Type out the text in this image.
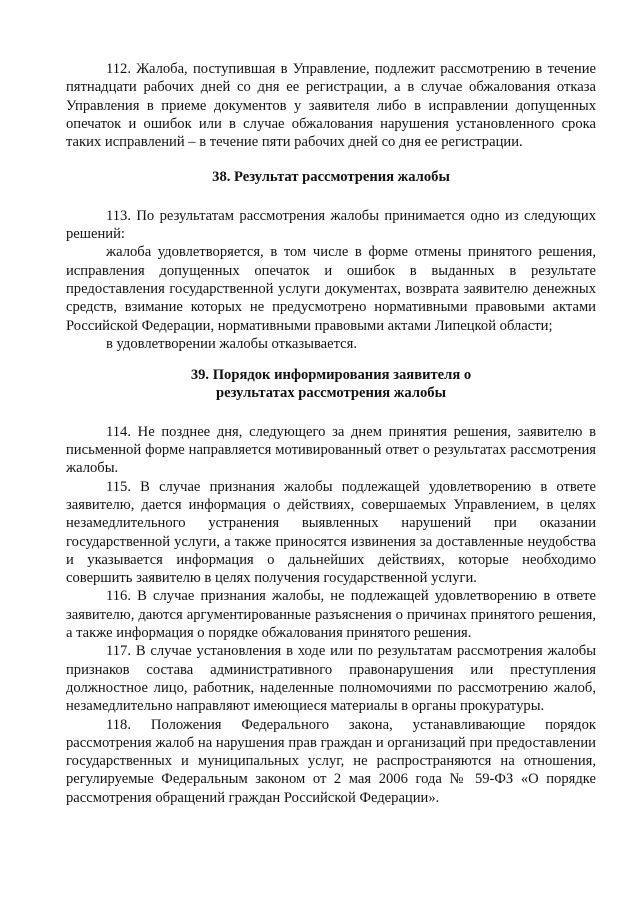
112. Жалоба, поступившая в Управление, подлежит рассмотрению в течение пятнадцати рабочих дней со дня ее регистрации, а в случае обжалования отказа Управления в приеме документов у заявителя либо в исправлении допущенных опечаток и ошибок или в случае обжалования нарушения установленного срока таких исправлений – в течение пяти рабочих дней со дня ее регистрации.

38. Результат рассмотрения жалобы

113. По результатам рассмотрения жалобы принимается одно из следующих решений:

жалоба удовлетворяется, в том числе в форме отмены принятого решения, исправления допущенных опечаток и ошибок в выданных в результате предоставления государственной услуги документах, возврата заявителю денежных средств, взимание которых не предусмотрено нормативными правовыми актами Российской Федерации, нормативными правовыми актами Липецкой области;

в удовлетворении жалобы отказывается.

39. Порядок информирования заявителя о
результатах рассмотрения жалобы

114. Не позднее дня, следующего за днем принятия решения, заявителю в письменной форме направляется мотивированный ответ о результатах рассмотрения жалобы.

115. В случае признания жалобы подлежащей удовлетворению в ответе заявителю, дается информация о действиях, совершаемых Управлением, в целях незамедлительного устранения выявленных нарушений при оказании государственной услуги, а также приносятся извинения за доставленные неудобства и указывается информация о дальнейших действиях, которые необходимо совершить заявителю в целях получения государственной услуги.

116. В случае признания жалобы, не подлежащей удовлетворению в ответе заявителю, даются аргументированные разъяснения о причинах принятого решения, а также информация о порядке обжалования принятого решения.

117. В случае установления в ходе или по результатам рассмотрения жалобы признаков состава административного правонарушения или преступления должностное лицо, работник, наделенные полномочиями по рассмотрению жалоб, незамедлительно направляют имеющиеся материалы в органы прокуратуры.

118. Положения Федерального закона, устанавливающие порядок рассмотрения жалоб на нарушения прав граждан и организаций при предоставлении государственных и муниципальных услуг, не распространяются на отношения, регулируемые Федеральным законом от 2 мая 2006 года № 59-ФЗ «О порядке рассмотрения обращений граждан Российской Федерации».
